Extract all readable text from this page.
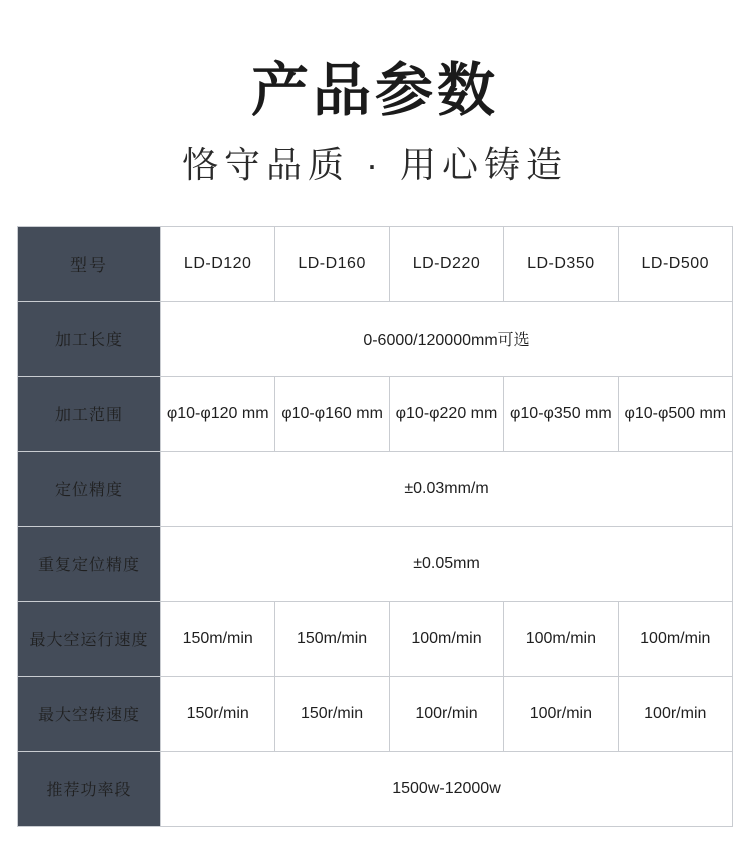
产品参数
恪守品质 · 用心铸造
型号	LD-D120	LD-D160	LD-D220	LD-D350	LD-D500
加工长度	0-6000/120000mm可选				
加工范围	φ10-φ120 mm	φ10-φ160 mm	φ10-φ220 mm	φ10-φ350 mm	φ10-φ500 mm
定位精度	±0.03mm/m				
重复定位精度	±0.05mm				
最大空运行速度	150m/min	150m/min	100m/min	100m/min	100m/min
最大空转速度	150r/min	150r/min	100r/min	100r/min	100r/min
推荐功率段	1500w-12000w				
